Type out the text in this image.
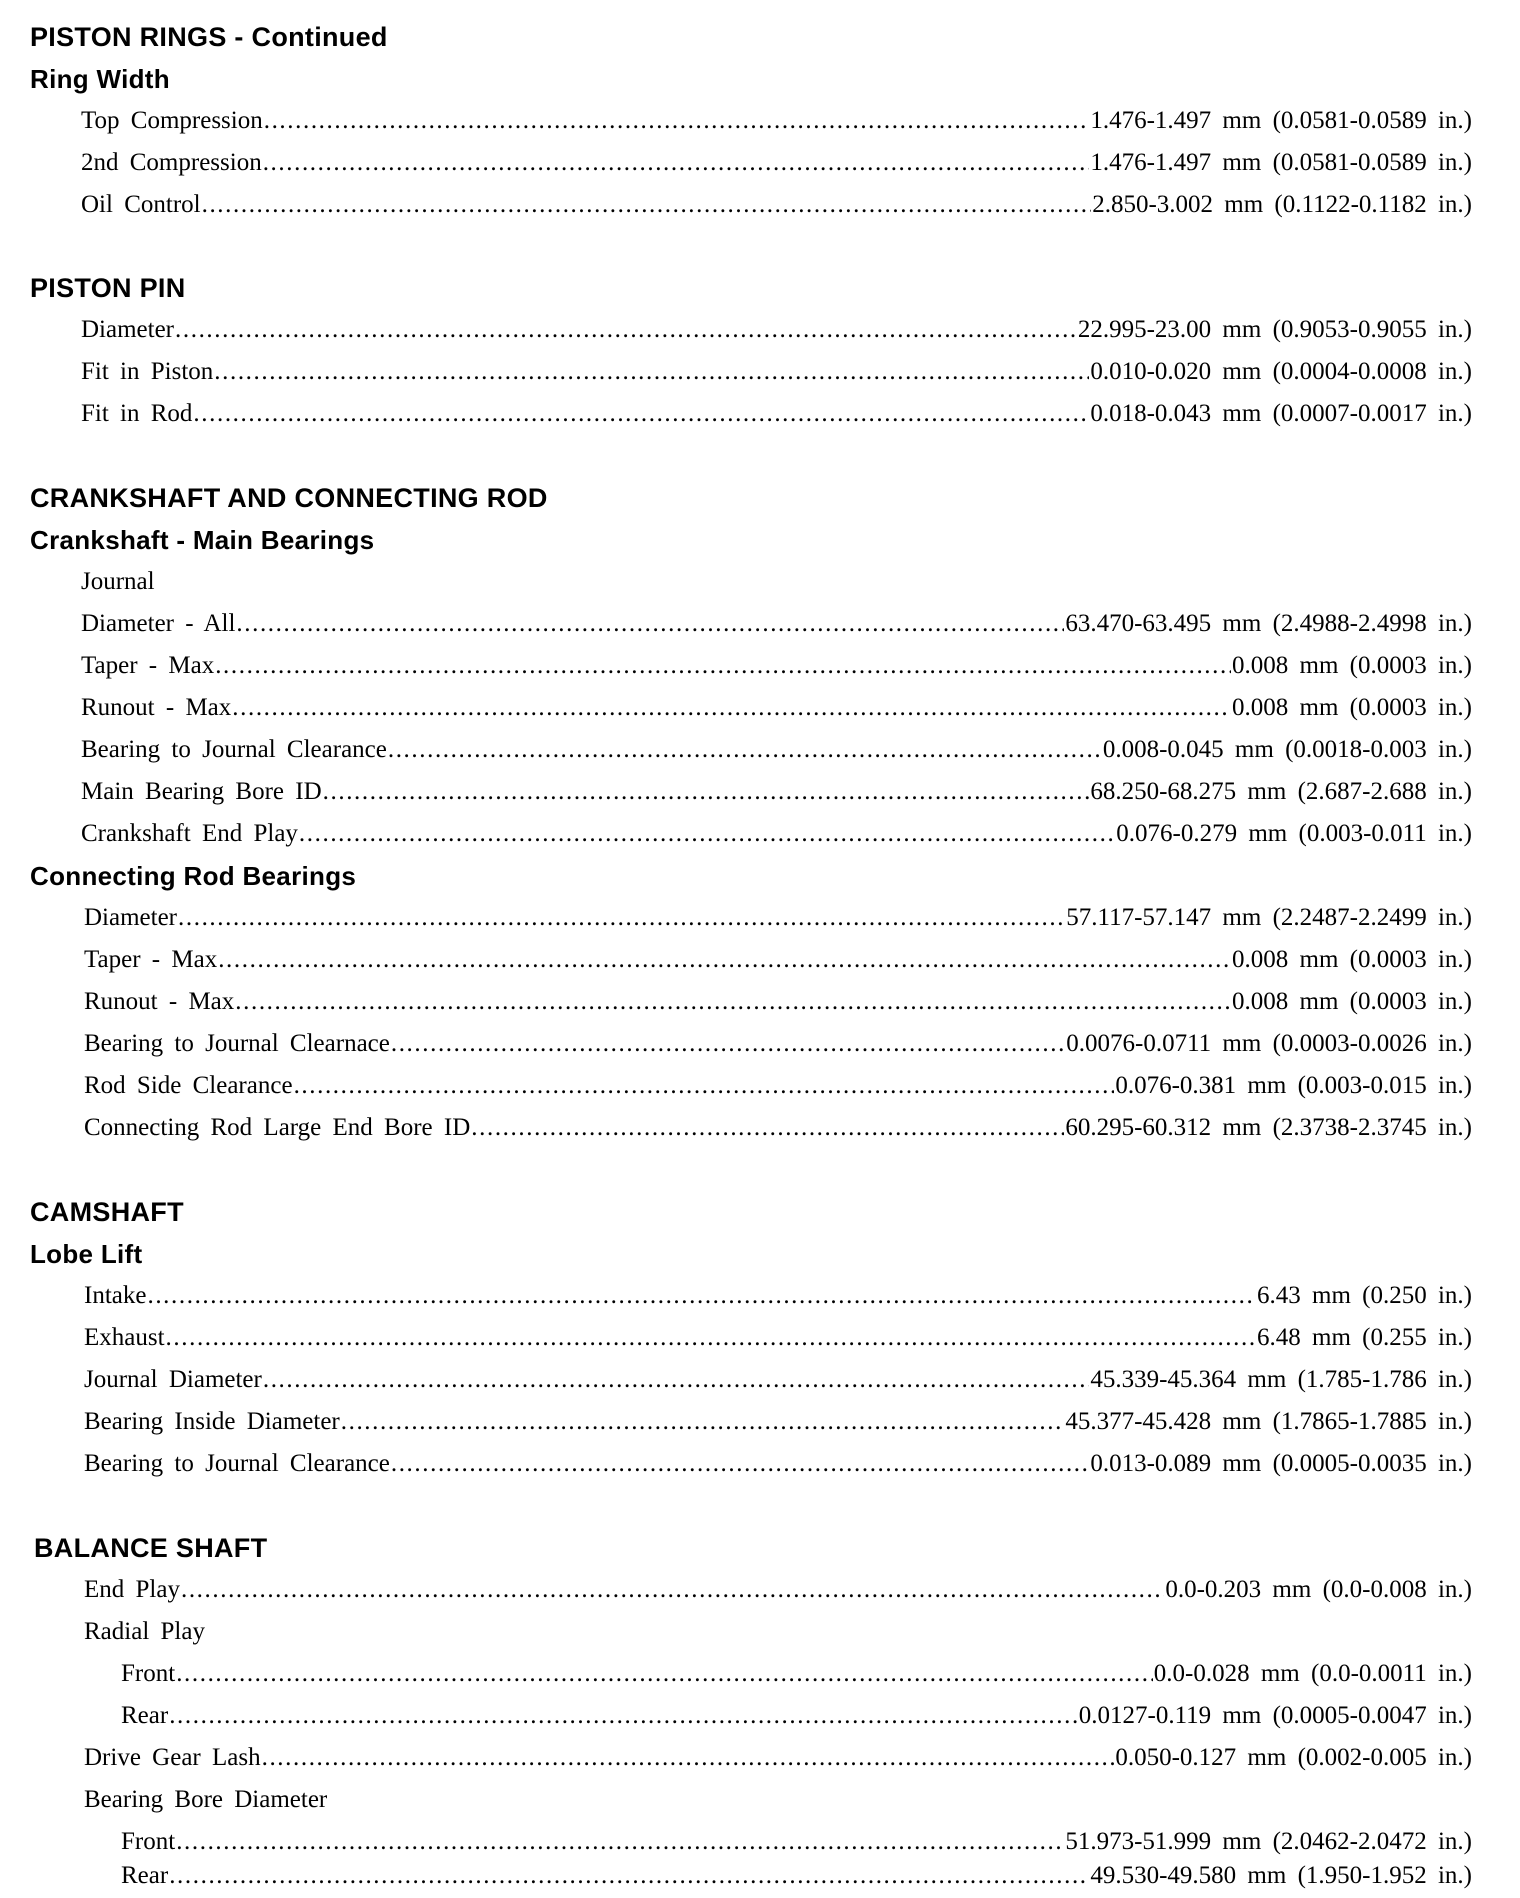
PISTON RINGS - Continued
Ring Width
Top Compression .....	1.476-1.497 mm (0.0581-0.0589 in.)
2nd Compression .....	1.476-1.497 mm (0.0581-0.0589 in.)
Oil Control .....	2.850-3.002 mm (0.1122-0.1182 in.)
PISTON PIN
Diameter .....	22.995-23.00 mm (0.9053-0.9055 in.)
Fit in Piston .....	0.010-0.020 mm (0.0004-0.0008 in.)
Fit in Rod .....	0.018-0.043 mm (0.0007-0.0017 in.)
CRANKSHAFT AND CONNECTING ROD
Crankshaft - Main Bearings
Journal
Diameter - All .....	63.470-63.495 mm (2.4988-2.4998 in.)
Taper - Max .....	0.008 mm (0.0003 in.)
Runout - Max .....	0.008 mm (0.0003 in.)
Bearing to Journal Clearance .....	0.008-0.045 mm (0.0018-0.003 in.)
Main Bearing Bore ID .....	68.250-68.275 mm (2.687-2.688 in.)
Crankshaft End Play .....	0.076-0.279 mm (0.003-0.011 in.)
Connecting Rod Bearings
Diameter .....	57.117-57.147 mm (2.2487-2.2499 in.)
Taper - Max .....	0.008 mm (0.0003 in.)
Runout - Max .....	0.008 mm (0.0003 in.)
Bearing to Journal Clearnace .....	0.0076-0.0711 mm (0.0003-0.0026 in.)
Rod Side Clearance .....	0.076-0.381 mm (0.003-0.015 in.)
Connecting Rod Large End Bore ID .....	60.295-60.312 mm (2.3738-2.3745 in.)
CAMSHAFT
Lobe Lift
Intake .....	6.43 mm (0.250 in.)
Exhaust .....	6.48 mm (0.255 in.)
Journal Diameter .....	45.339-45.364 mm (1.785-1.786 in.)
Bearing Inside Diameter .....	45.377-45.428 mm (1.7865-1.7885 in.)
Bearing to Journal Clearance .....	0.013-0.089 mm (0.0005-0.0035 in.)
BALANCE SHAFT
End Play .....	0.0-0.203 mm (0.0-0.008 in.)
Radial Play
Front .....	0.0-0.028 mm (0.0-0.0011 in.)
Rear .....	0.0127-0.119 mm (0.0005-0.0047 in.)
Drive Gear Lash .....	0.050-0.127 mm (0.002-0.005 in.)
Bearing Bore Diameter
Front .....	51.973-51.999 mm (2.0462-2.0472 in.)
Rear .....	49.530-49.580 mm (1.950-1.952 in.)
